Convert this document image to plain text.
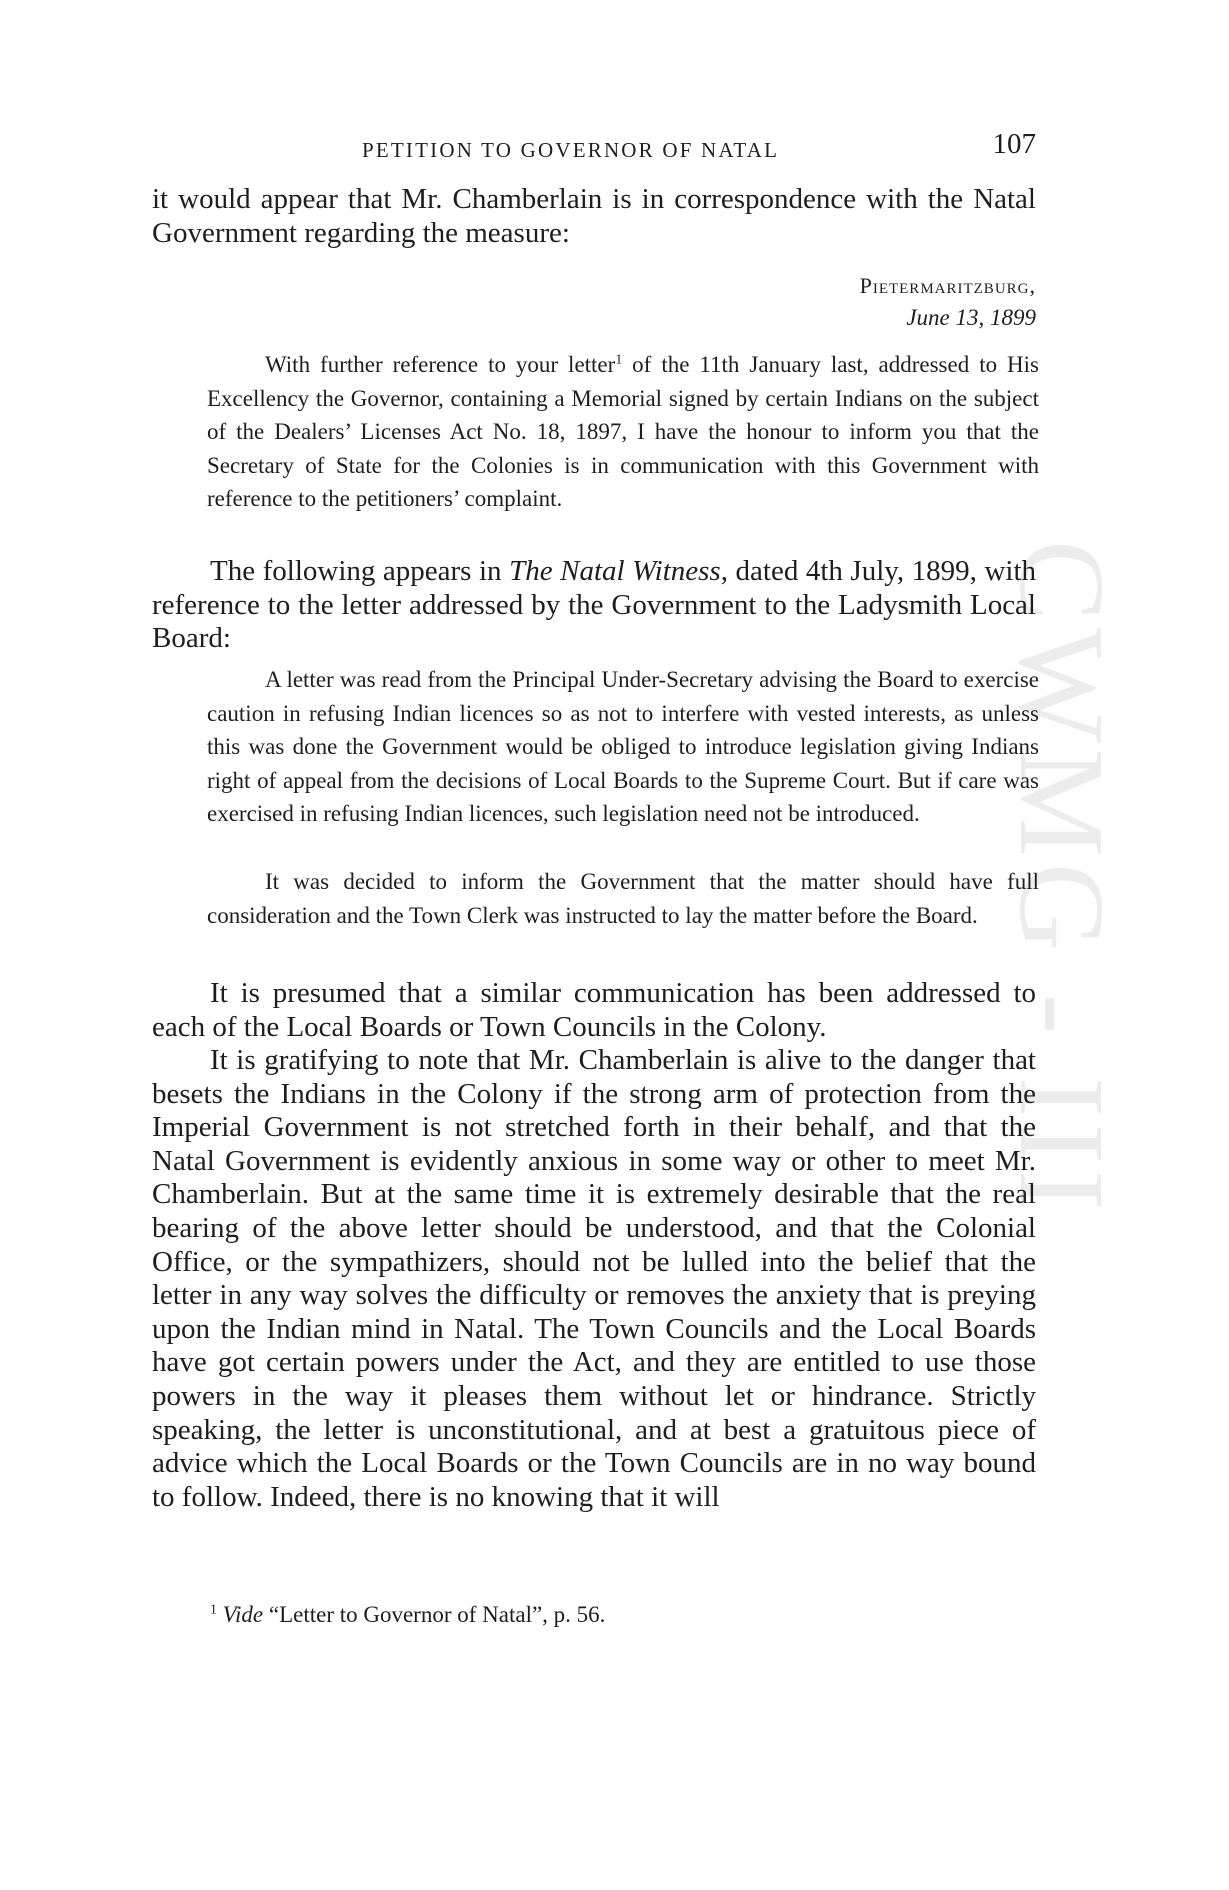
CWMG - III
PETITION TO GOVERNOR OF NATAL	107

it would appear that Mr. Chamberlain is in correspondence with the Natal Government regarding the measure:

Pietermaritzburg,
June 13, 1899

With further reference to your letter$^1$ of the 11th January last, addressed to His Excellency the Governor, containing a Memorial signed by certain Indians on the subject of the Dealers’ Licenses Act No. 18, 1897, I have the honour to inform you that the Secretary of State for the Colonies is in communication with this Government with reference to the petitioners’ complaint.

The following appears in The Natal Witness, dated 4th July, 1899, with reference to the letter addressed by the Government to the Ladysmith Local Board:

A letter was read from the Principal Under-Secretary advising the Board to exercise caution in refusing Indian licences so as not to interfere with vested interests, as unless this was done the Government would be obliged to introduce legislation giving Indians right of appeal from the decisions of Local Boards to the Supreme Court. But if care was exercised in refusing Indian licences, such legislation need not be introduced.

It was decided to inform the Government that the matter should have full consideration and the Town Clerk was instructed to lay the matter before the Board.

It is presumed that a similar communication has been addressed to each of the Local Boards or Town Councils in the Colony.

It is gratifying to note that Mr. Chamberlain is alive to the danger that besets the Indians in the Colony if the strong arm of protection from the Imperial Government is not stretched forth in their behalf, and that the Natal Government is evidently anxious in some way or other to meet Mr. Chamberlain. But at the same time it is extremely desirable that the real bearing of the above letter should be understood, and that the Colonial Office, or the sympathizers, should not be lulled into the belief that the letter in any way solves the difficulty or removes the anxiety that is preying upon the Indian mind in Natal. The Town Councils and the Local Boards have got certain powers under the Act, and they are entitled to use those powers in the way it pleases them without let or hindrance. Strictly speaking, the letter is unconstitutional, and at best a gratuitous piece of advice which the Local Boards or the Town Councils are in no way bound to follow. Indeed, there is no knowing that it will

$^1$ Vide “Letter to Governor of Natal”, p. 56.
